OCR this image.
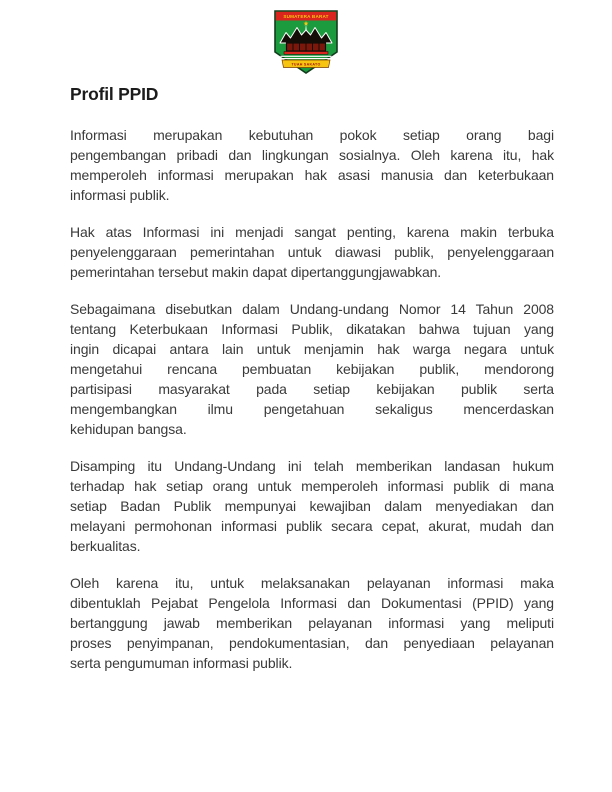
SUMATERA BARAT
TUAH SAKATO
Profil PPID
Informasi merupakan kebutuhan pokok setiap orang bagi
pengembangan pribadi dan lingkungan sosialnya. Oleh karena itu, hak
memperoleh informasi merupakan hak asasi manusia dan keterbukaan
informasi publik.
Hak atas Informasi ini menjadi sangat penting, karena makin terbuka
penyelenggaraan pemerintahan untuk diawasi publik, penyelenggaraan
pemerintahan tersebut makin dapat dipertanggungjawabkan.
Sebagaimana disebutkan dalam Undang-undang Nomor 14 Tahun 2008
tentang Keterbukaan Informasi Publik, dikatakan bahwa tujuan yang
ingin dicapai antara lain untuk menjamin hak warga negara untuk
mengetahui rencana pembuatan kebijakan publik, mendorong
partisipasi masyarakat pada setiap kebijakan publik serta
mengembangkan ilmu pengetahuan sekaligus mencerdaskan
kehidupan bangsa.
Disamping itu Undang-Undang ini telah memberikan landasan hukum
terhadap hak setiap orang untuk memperoleh informasi publik di mana
setiap Badan Publik mempunyai kewajiban dalam menyediakan dan
melayani permohonan informasi publik secara cepat, akurat, mudah dan
berkualitas.
Oleh karena itu, untuk melaksanakan pelayanan informasi maka
dibentuklah Pejabat Pengelola Informasi dan Dokumentasi (PPID) yang
bertanggung jawab memberikan pelayanan informasi yang meliputi
proses penyimpanan, pendokumentasian, dan penyediaan pelayanan
serta pengumuman informasi publik.
